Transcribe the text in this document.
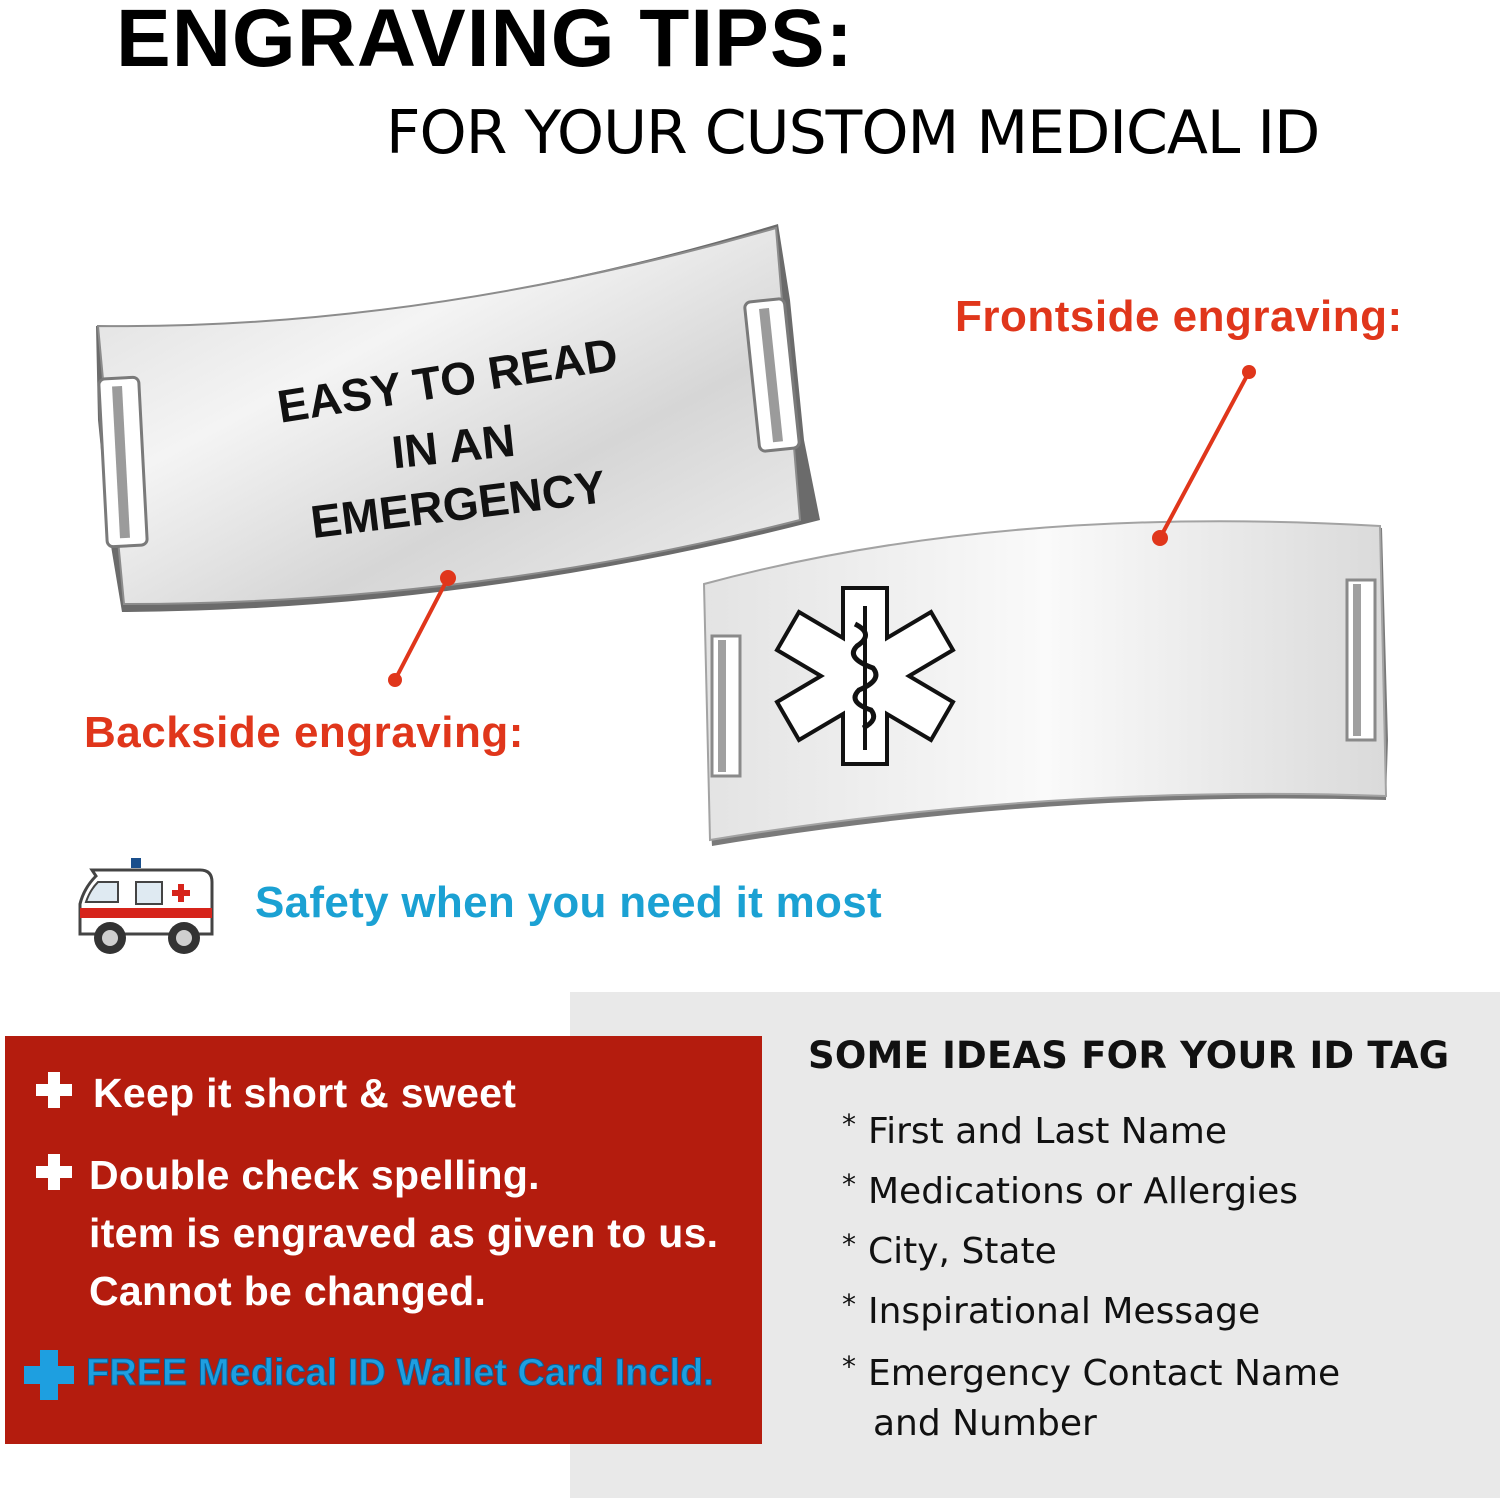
ENGRAVING TIPS:
FOR YOUR CUSTOM MEDICAL ID
EASY TO READ
IN AN
EMERGENCY
Frontside engraving:
Backside engraving:
Safety when you need it most
SOME IDEAS FOR YOUR ID TAG
* First and Last Name
* Medications or Allergies
* City, State
* Inspirational Message
* Emergency Contact Name
and Number
Keep it short & sweet
Double check spelling.
item is engraved as given to us.
Cannot be changed.
FREE Medical ID Wallet Card Incld.
